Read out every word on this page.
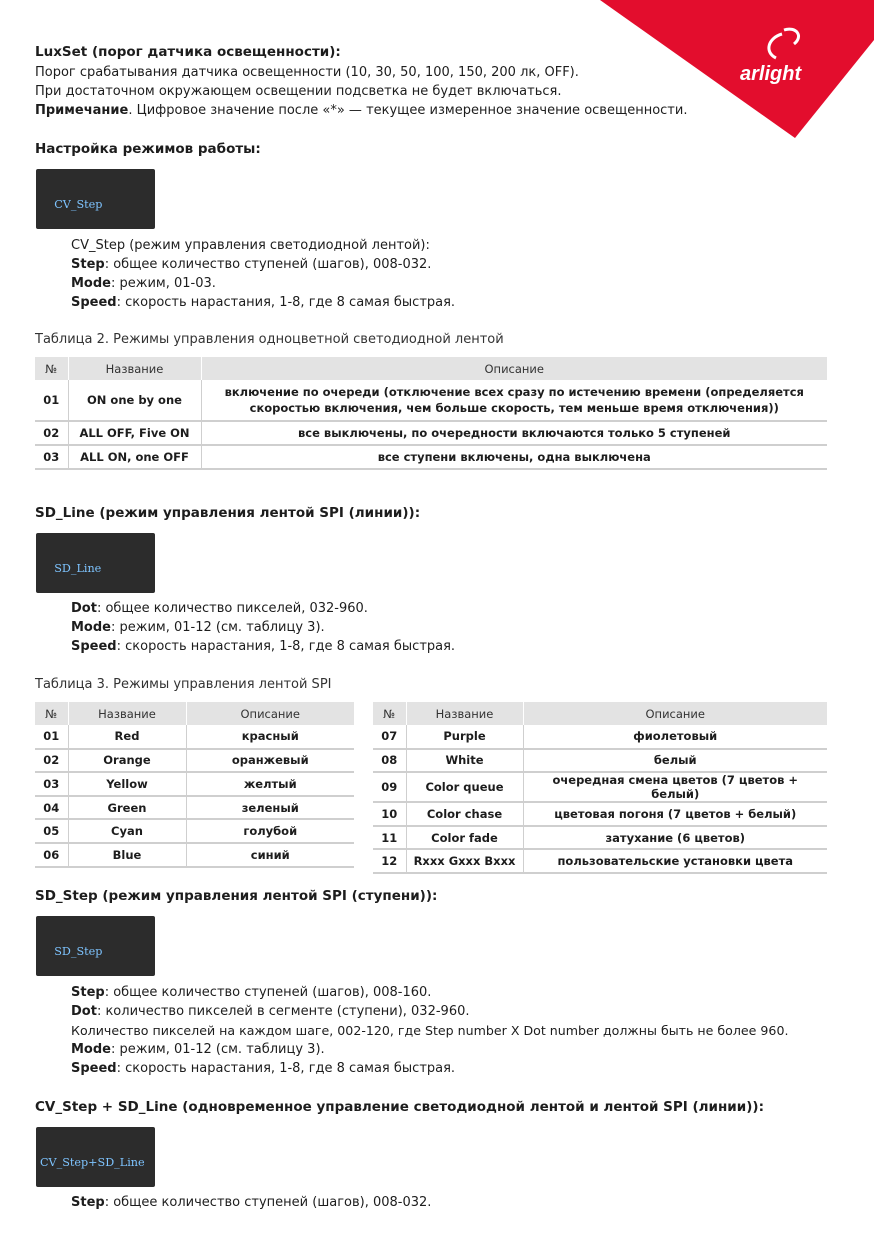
arlight
LuxSet (порог датчика освещенности):
Порог срабатывания датчика освещенности (10, 30, 50, 100, 150, 200 лк, OFF).
При достаточном окружающем освещении подсветка не будет включаться.
Примечание. Цифровое значение после «*» — текущее измеренное значение освещенности.
Настройка режимов работы:

CV_Step

CV_Step (режим управления светодиодной лентой):
Step: общее количество ступеней (шагов), 008-032.
Mode: режим, 01-03.
Speed: скорость нарастания, 1-8, где 8 самая быстрая.
Таблица 2. Режимы управления одноцветной светодиодной лентой
№	Название	Описание
01	ON one by one	включение по очереди (отключение всех сразу по истечению времени (определяется скоростью включения, чем больше скорость, тем меньше время отключения))
02	ALL OFF, Five ON	все выключены, по очередности включаются только 5 ступеней
03	ALL ON, one OFF	все ступени включены, одна выключена
SD_Line (режим управления лентой SPI (линии)):

SD_Line

Dot: общее количество пикселей, 032-960.
Mode: режим, 01-12 (см. таблицу 3).
Speed: скорость нарастания, 1-8, где 8 самая быстрая.
Таблица 3. Режимы управления лентой SPI
№	Название	Описание
01	Red	красный
02	Orange	оранжевый
03	Yellow	желтый
04	Green	зеленый
05	Cyan	голубой
06	Blue	синий
№	Название	Описание
07	Purple	фиолетовый
08	White	белый
09	Color queue	очередная смена цветов (7 цветов + белый)
10	Color chase	цветовая погоня (7 цветов + белый)
11	Color fade	затухание (6 цветов)
12	Rxxx Gxxx Bxxx	пользовательские установки цвета
SD_Step (режим управления лентой SPI (ступени)):

SD_Step

Step: общее количество ступеней (шагов), 008-160.
Dot: количество пикселей в сегменте (ступени), 032-960.
Количество пикселей на каждом шаге, 002-120, где Step number X Dot number должны быть не более 960.
Mode: режим, 01-12 (см. таблицу 3).
Speed: скорость нарастания, 1-8, где 8 самая быстрая.
CV_Step + SD_Line (одновременное управление светодиодной лентой и лентой SPI (линии)):

CV_Step+SD_Line

Step: общее количество ступеней (шагов), 008-032.
